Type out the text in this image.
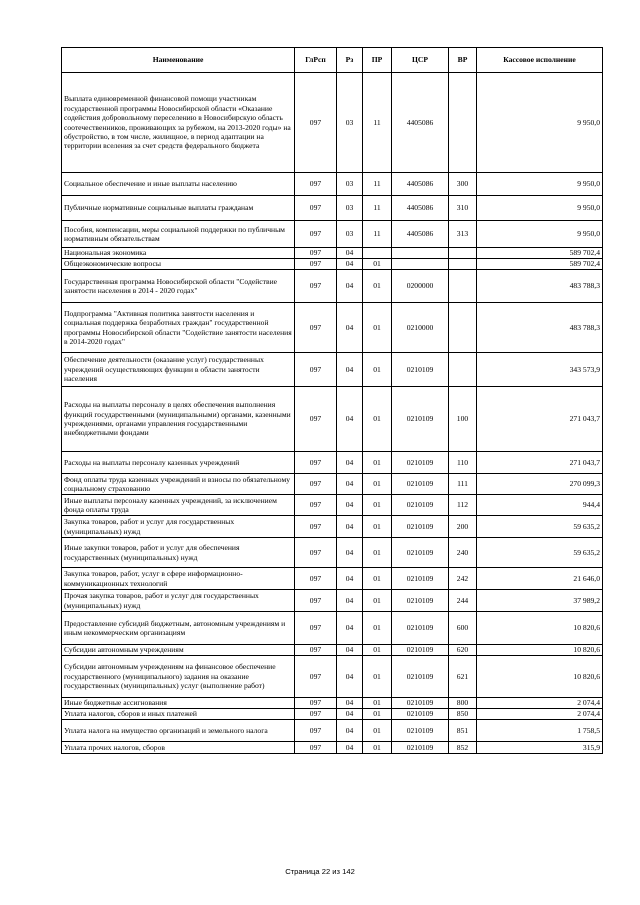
Наименование	ГлРсп	Рз	ПР	ЦСР	ВР	Кассовое исполнение
Выплата единовременной финансовой помощи участникам государственной программы Новосибирской области «Оказание содействия добровольному переселению в Новосибирскую область соотечественников, проживающих за рубежом, на 2013-2020 годы» на обустройство, в том числе, жилищное, в период адаптации на территории вселения за счет средств федерального бюджета	097	03	11	4405086		9 950,0
Социальное обеспечение и иные выплаты населению	097	03	11	4405086	300	9 950,0
Публичные нормативные социальные выплаты гражданам	097	03	11	4405086	310	9 950,0
Пособия, компенсации, меры социальной поддержки по публичным нормативным обязательствам	097	03	11	4405086	313	9 950,0
Национальная экономика	097	04				589 702,4
Общеэкономические вопросы	097	04	01			589 702,4
Государственная программа Новосибирской области "Содействие занятости населения в 2014 - 2020 годах"	097	04	01	0200000		483 788,3
Подпрограмма "Активная политика занятости населения и социальная поддержка безработных граждан" государственной программы Новосибирской области "Содействие занятости населения в 2014-2020 годах"	097	04	01	0210000		483 788,3
Обеспечение деятельности (оказание услуг) государственных учреждений осуществляющих функции в области занятости населения	097	04	01	0210109		343 573,9
Расходы на выплаты персоналу в целях обеспечения выполнения функций государственными (муниципальными) органами, казенными учреждениями, органами управления государственными внебюджетными фондами	097	04	01	0210109	100	271 043,7
Расходы на выплаты персоналу казенных учреждений	097	04	01	0210109	110	271 043,7
Фонд оплаты труда казенных учреждений и взносы по обязательному социальному страхованию	097	04	01	0210109	111	270 099,3
Иные выплаты персоналу казенных учреждений, за исключением фонда оплаты труда	097	04	01	0210109	112	944,4
Закупка товаров, работ и услуг для государственных (муниципальных) нужд	097	04	01	0210109	200	59 635,2
Иные закупки товаров, работ и услуг для обеспечения государственных (муниципальных) нужд	097	04	01	0210109	240	59 635,2
Закупка товаров, работ, услуг в сфере информационно-коммуникационных технологий	097	04	01	0210109	242	21 646,0
Прочая закупка товаров, работ и услуг для государственных (муниципальных) нужд	097	04	01	0210109	244	37 989,2
Предоставление субсидий бюджетным, автономным учреждениям и иным некоммерческим организациям	097	04	01	0210109	600	10 820,6
Субсидии автономным учреждениям	097	04	01	0210109	620	10 820,6
Субсидии автономным учреждениям на финансовое обеспечение государственного (муниципального) задания на оказание государственных (муниципальных) услуг (выполнение работ)	097	04	01	0210109	621	10 820,6
Иные бюджетные ассигнования	097	04	01	0210109	800	2 074,4
Уплата налогов, сборов и иных платежей	097	04	01	0210109	850	2 074,4
Уплата налога на имущество организаций и земельного налога	097	04	01	0210109	851	1 758,5
Уплата прочих налогов, сборов	097	04	01	0210109	852	315,9
Страница 22 из 142
